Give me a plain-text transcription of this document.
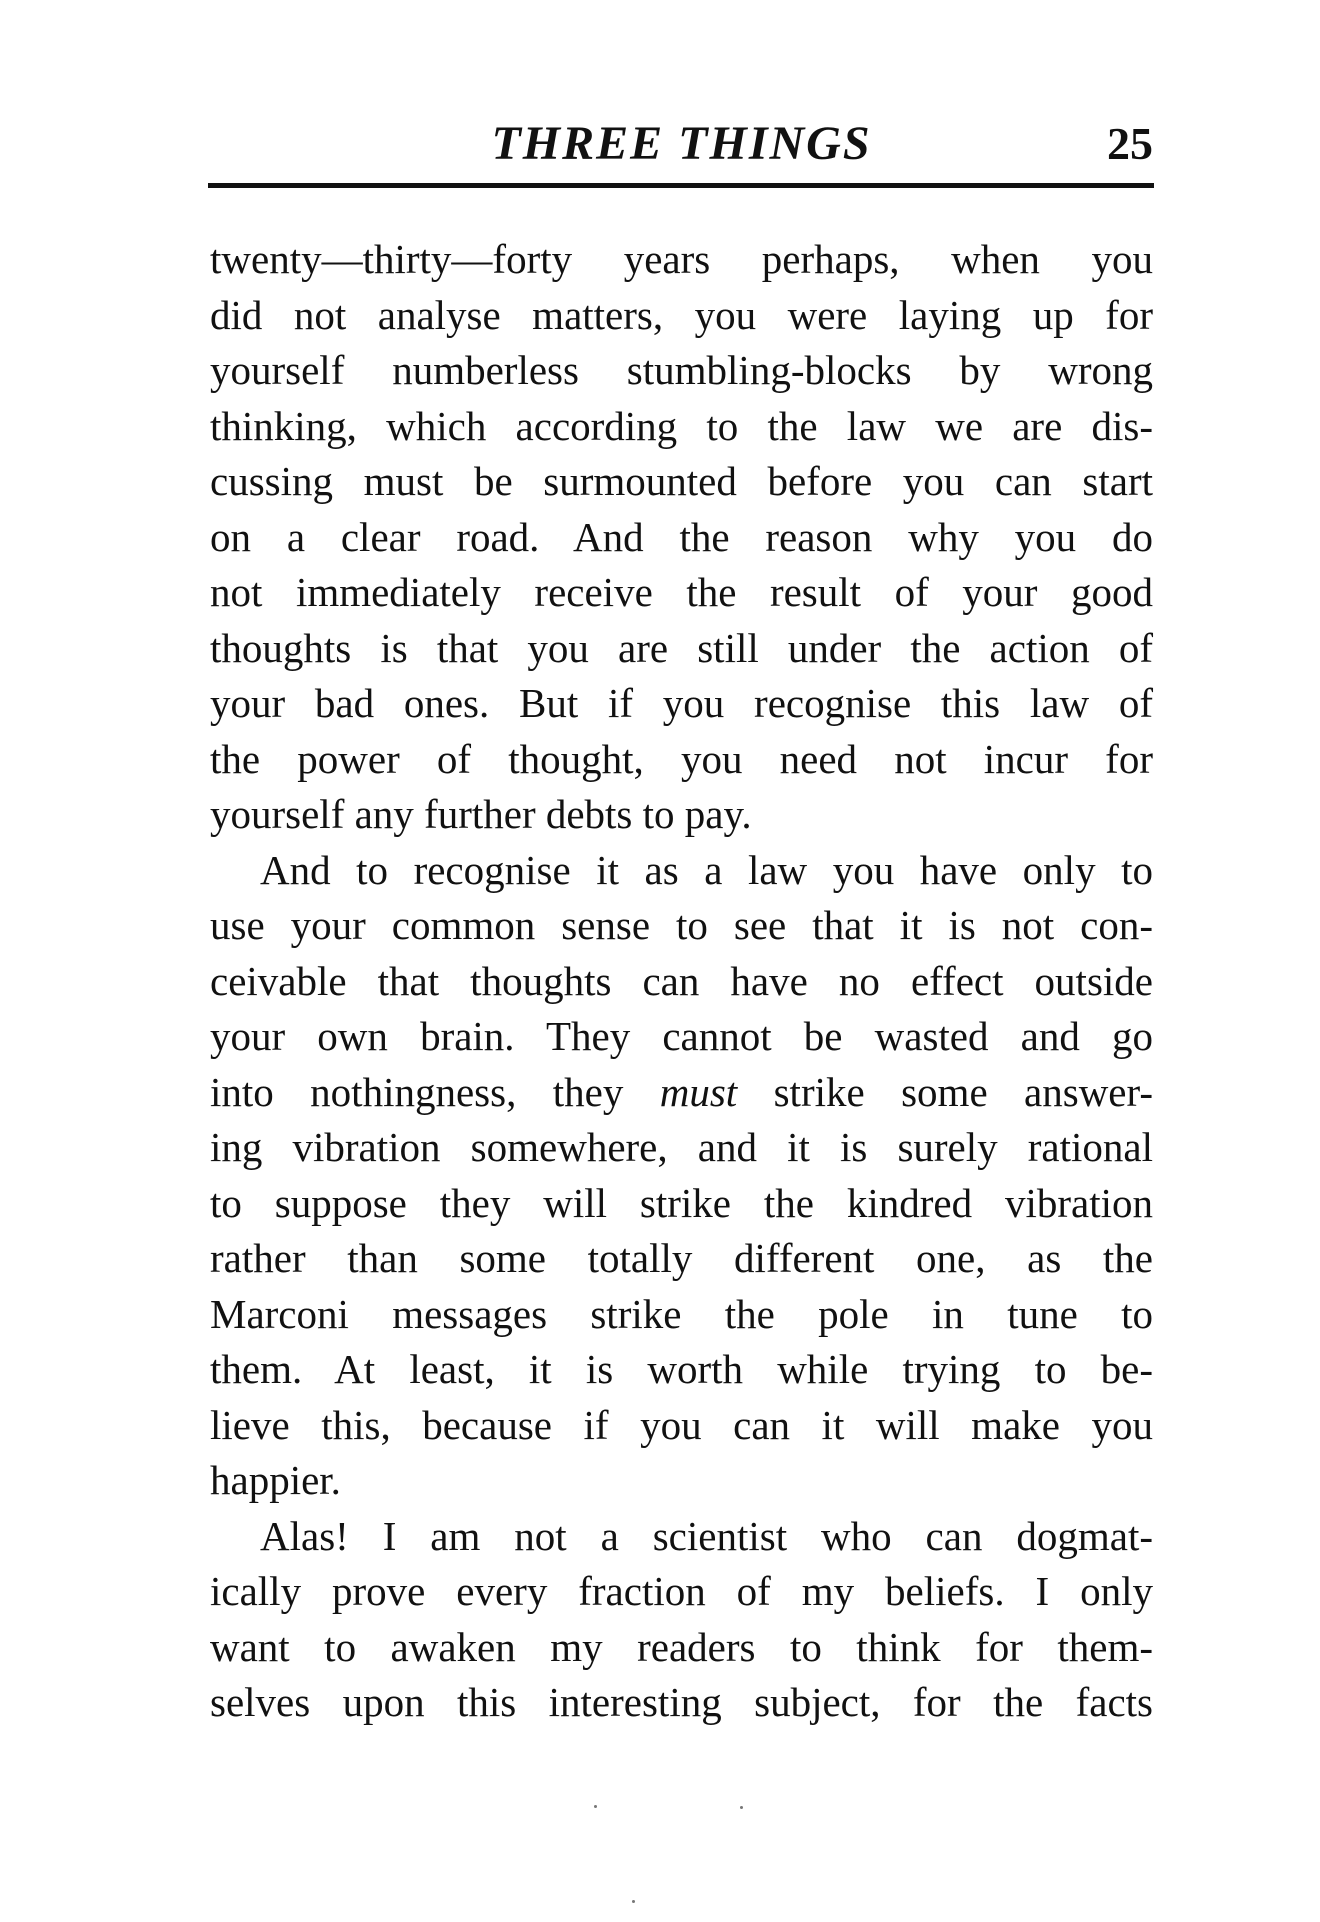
THREE THINGS	25
twenty—thirty—forty years perhaps, when you
did not analyse matters, you were laying up for
yourself numberless stumbling-blocks by wrong
thinking, which according to the law we are dis-
cussing must be surmounted before you can start
on a clear road. And the reason why you do
not immediately receive the result of your good
thoughts is that you are still under the action of
your bad ones. But if you recognise this law of
the power of thought, you need not incur for
yourself any further debts to pay.
And to recognise it as a law you have only to
use your common sense to see that it is not con-
ceivable that thoughts can have no effect outside
your own brain. They cannot be wasted and go
into nothingness, they must strike some answer-
ing vibration somewhere, and it is surely rational
to suppose they will strike the kindred vibration
rather than some totally different one, as the
Marconi messages strike the pole in tune to
them. At least, it is worth while trying to be-
lieve this, because if you can it will make you
happier.
Alas! I am not a scientist who can dogmat-
ically prove every fraction of my beliefs. I only
want to awaken my readers to think for them-
selves upon this interesting subject, for the facts
